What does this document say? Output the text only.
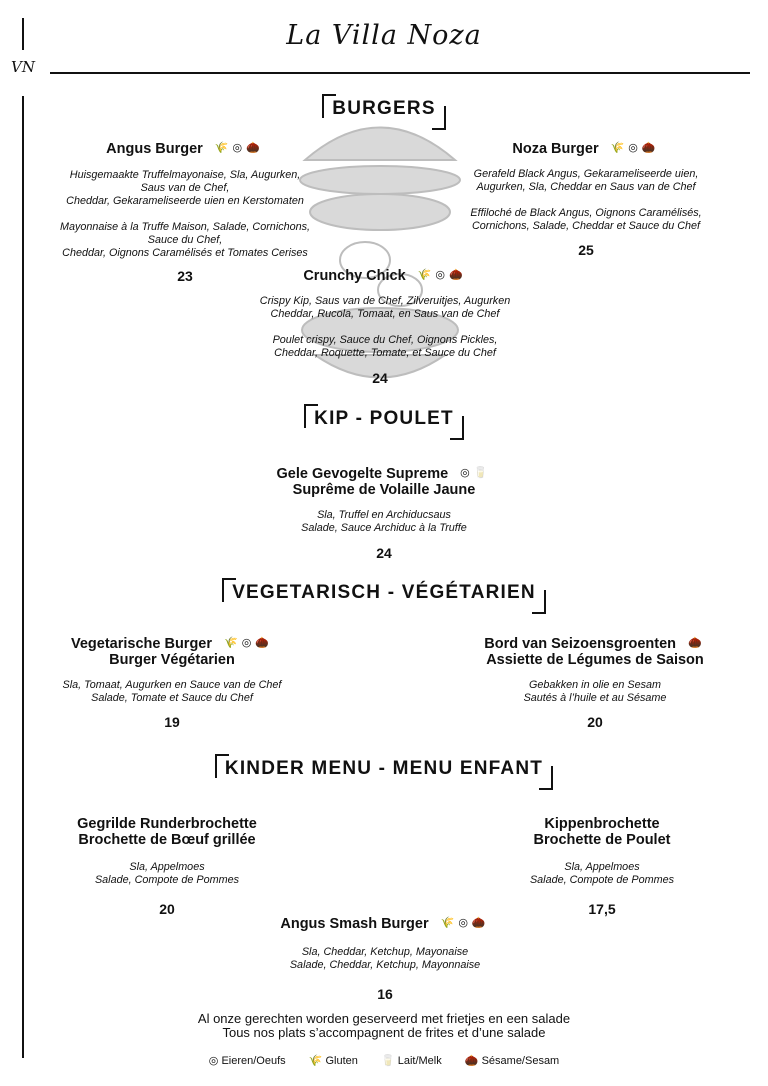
VN
La Villa Noza
BURGERS
Angus Burger 🌾◎🌰
Huisgemaakte Truffelmayonaise, Sla, Augurken,
Saus van de Chef,
Cheddar, Gekarameliseerde uien en Kerstomaten
Mayonnaise à la Truffe Maison, Salade, Cornichons,
Sauce du Chef,
Cheddar, Oignons Caramélisés et Tomates Cerises
23
Noza Burger 🌾◎🌰
Gerafeld Black Angus, Gekarameliseerde uien,
Augurken, Sla, Cheddar en Saus van de Chef
Effiloché de Black Angus, Oignons Caramélisés,
Cornichons, Salade, Cheddar et Sauce du Chef
25
Crunchy Chick 🌾◎🌰
Crispy Kip, Saus van de Chef, Zilveruitjes, Augurken
Cheddar, Rucola, Tomaat, en Saus van de Chef
Poulet crispy, Sauce du Chef, Oignons Pickles,
Cheddar, Roquette, Tomate, et Sauce du Chef
24
KIP - POULET
Gele Gevogelte Supreme ◎🥛
Suprême de Volaille Jaune
Sla, Truffel en Archiducsaus
Salade, Sauce Archiduc à la Truffe
24
VEGETARISCH - VÉGÉTARIEN
Vegetarische Burger 🌾◎🌰
Burger Végétarien
Sla, Tomaat, Augurken en Sauce van de Chef
Salade, Tomate et Sauce du Chef
19
Bord van Seizoensgroenten 🌰
Assiette de Légumes de Saison
Gebakken in olie en Sesam
Sautés à l’huile et au Sésame
20
KINDER MENU - MENU ENFANT
Gegrilde Runderbrochette
Brochette de Bœuf grillée
Sla, Appelmoes
Salade, Compote de Pommes
20
Kippenbrochette
Brochette de Poulet
Sla, Appelmoes
Salade, Compote de Pommes
17,5
Angus Smash Burger 🌾◎🌰
Sla, Cheddar, Ketchup, Mayonaise
Salade, Cheddar, Ketchup, Mayonnaise
16
Al onze gerechten worden geserveerd met frietjes en een salade
Tous nos plats s’accompagnent de frites et d’une salade
◎ Eieren/Oeufs 🌾 Gluten 🥛 Lait/Melk 🌰 Sésame/Sesam
